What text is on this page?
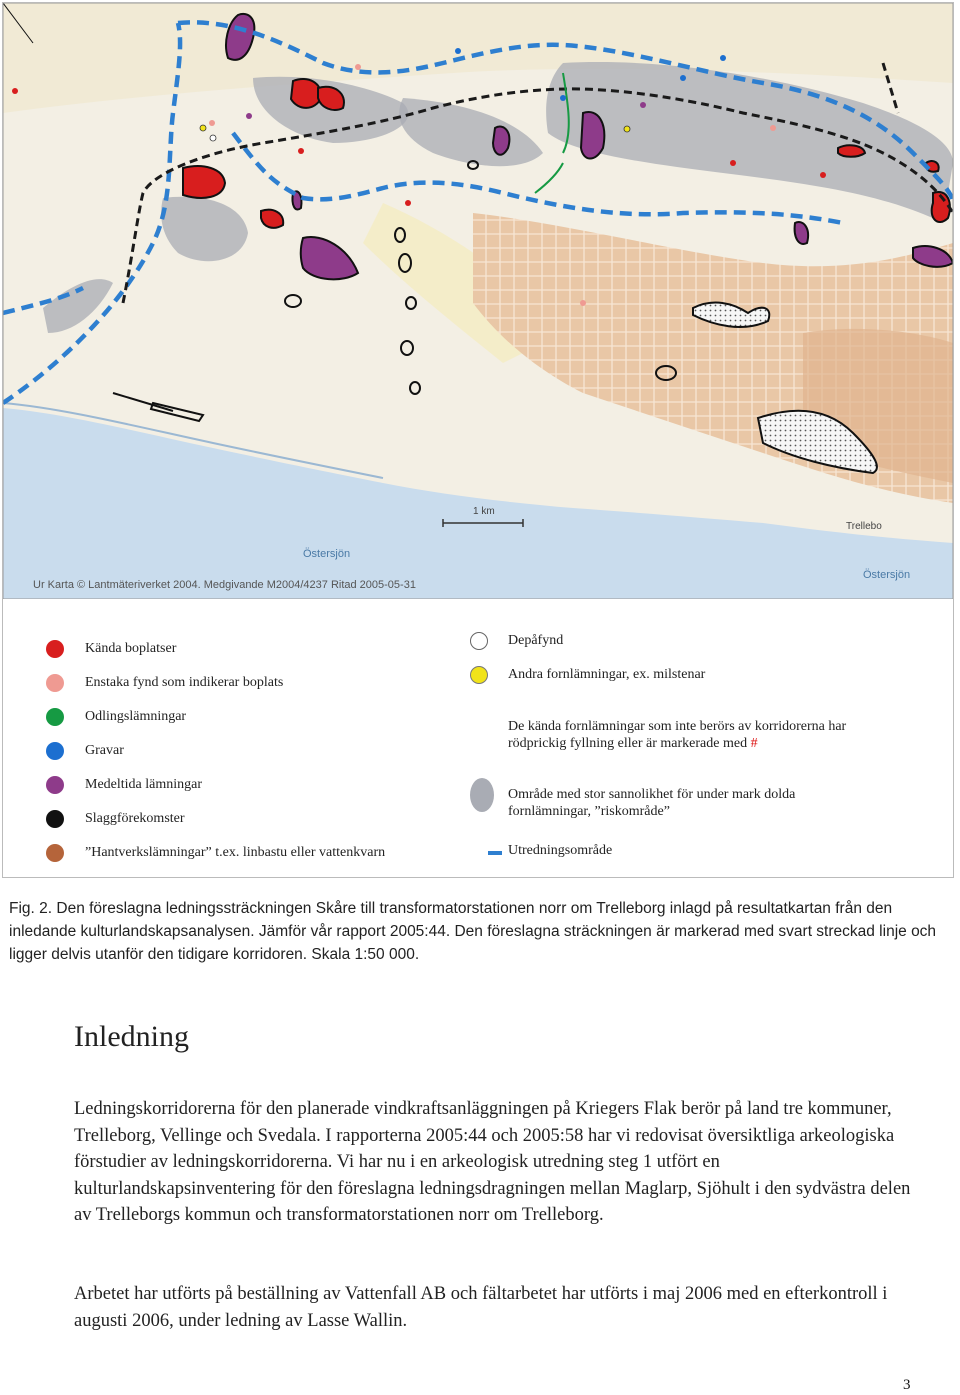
1 km
Östersjön
Östersjön
Trellebo
Ur Karta © Lantmäteriverket 2004. Medgivande M2004/4237 Ritad 2005-05-31
Kända boplatser
Enstaka fynd som indikerar boplats
Odlingslämningar
Gravar
Medeltida lämningar
Slaggförekomster
”Hantverkslämningar” t.ex. linbastu eller vattenkvarn
Depåfynd
Andra fornlämningar, ex. milstenar
De kända fornlämningar som inte berörs av korridorerna har
rödprickig fyllning eller är markerade med #
Område med stor sannolikhet för under mark dolda
fornlämningar, ”riskområde”
Utredningsområde
Fig. 2. Den föreslagna ledningssträckningen Skåre till transformatorstationen norr om Trelleborg inlagd på resultatkartan från den inledande kulturlandskapsanalysen. Jämför vår rapport 2005:44. Den föreslagna sträckningen är markerad med svart streckad linje och ligger delvis utanför den tidigare korridoren. Skala 1:50 000.
Inledning

Ledningskorridorerna för den planerade vindkraftsanläggningen på Kriegers Flak berör på land tre kommuner, Trelleborg, Vellinge och Svedala. I rapporterna 2005:44 och 2005:58 har vi redovisat översiktliga arkeologiska förstudier av ledningskorridorerna. Vi har nu i en arkeologisk utredning steg 1 utfört en kulturlandskapsinventering för den föreslagna ledningsdragningen mellan Maglarp, Sjöhult i den sydvästra delen av Trelleborgs kommun och transformatorstationen norr om Trelleborg.

Arbetet har utförts på beställning av Vattenfall AB och fältarbetet har utförts i maj 2006 med en efterkontroll i augusti 2006, under ledning av Lasse Wallin.

3
